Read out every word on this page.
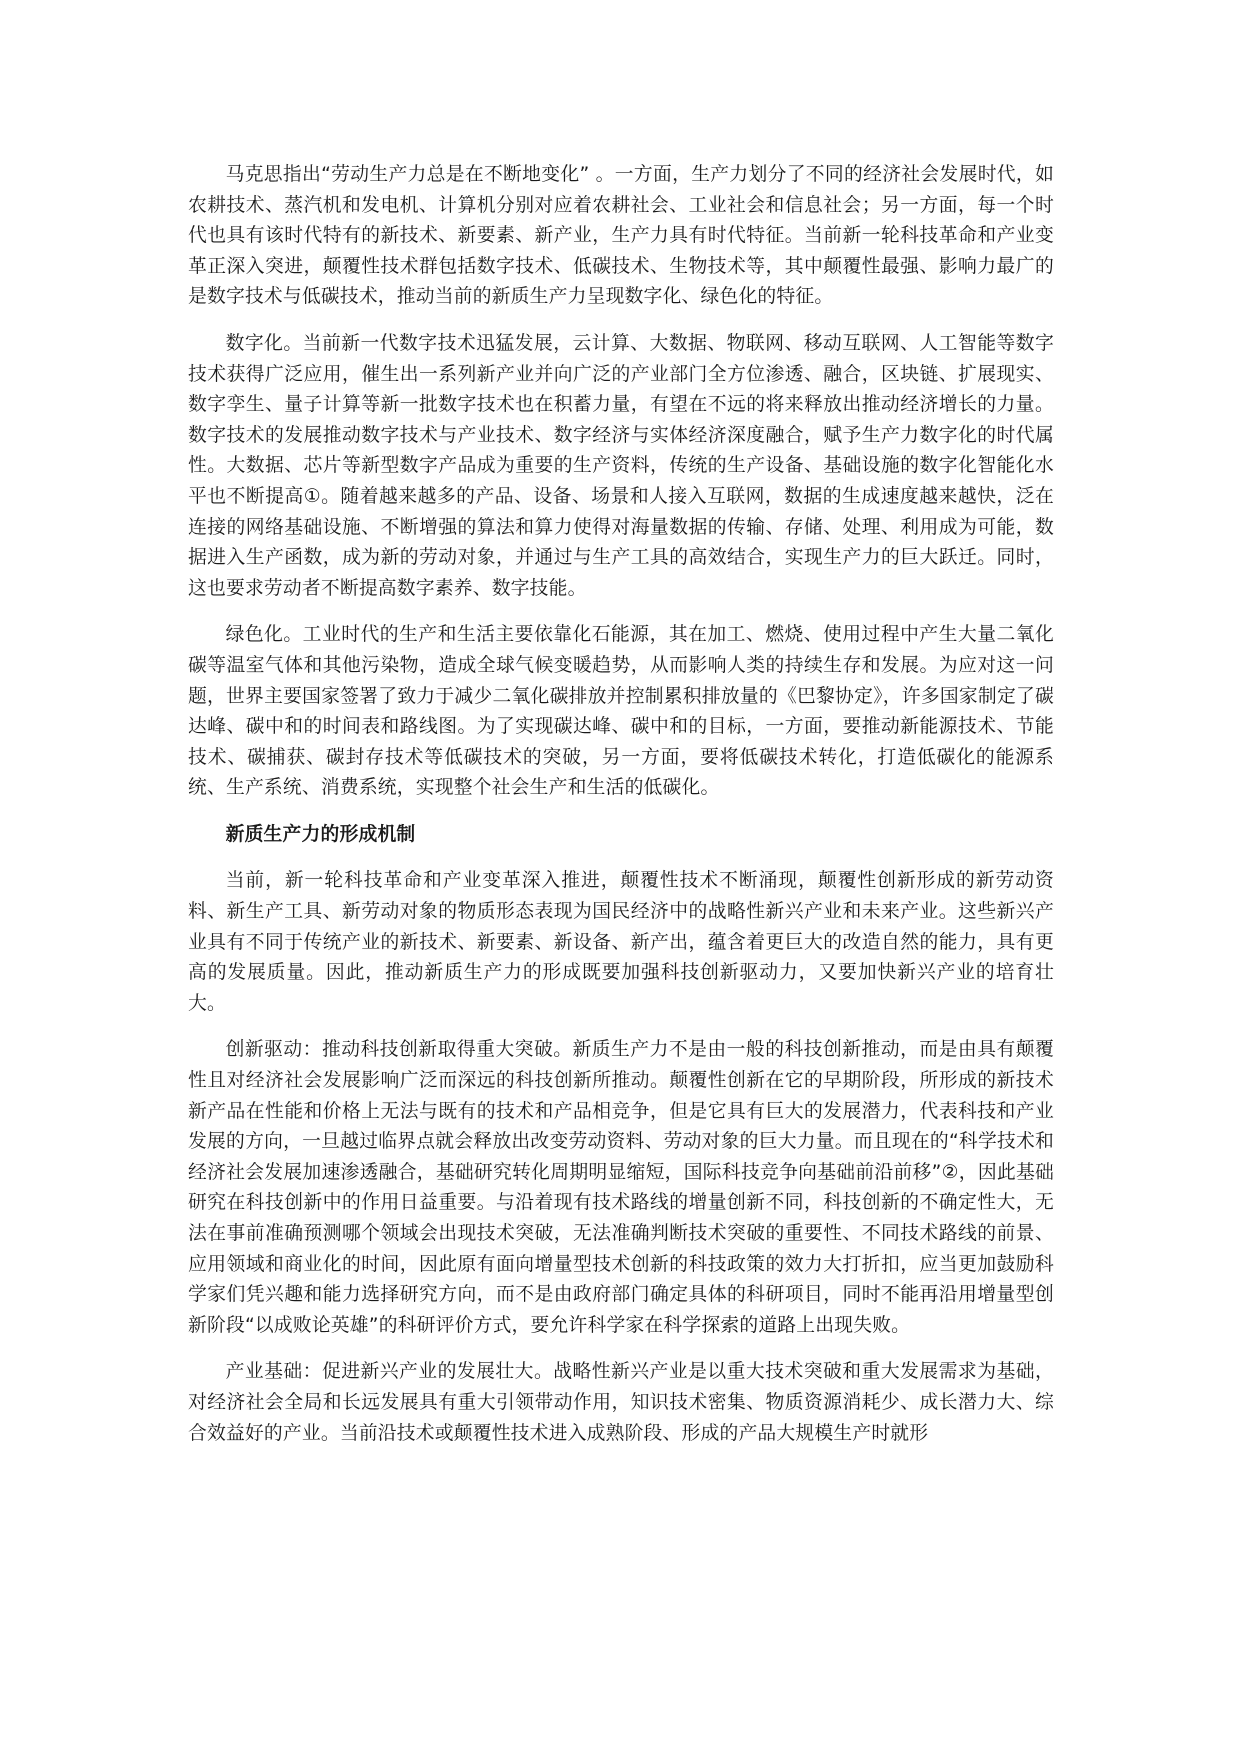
马克思指出“劳动生产力总是在不断地变化” 。一方面，生产力划分了不同的经济社会发展时代，如农耕技术、蒸汽机和发电机、计算机分别对应着农耕社会、工业社会和信息社会；另一方面，每一个时代也具有该时代特有的新技术、新要素、新产业，生产力具有时代特征。当前新一轮科技革命和产业变革正深入突进，颠覆性技术群包括数字技术、低碳技术、生物技术等，其中颠覆性最强、影响力最广的是数字技术与低碳技术，推动当前的新质生产力呈现数字化、绿色化的特征。

数字化。当前新一代数字技术迅猛发展，云计算、大数据、物联网、移动互联网、人工智能等数字技术获得广泛应用，催生出一系列新产业并向广泛的产业部门全方位渗透、融合，区块链、扩展现实、数字孪生、量子计算等新一批数字技术也在积蓄力量，有望在不远的将来释放出推动经济增长的力量。数字技术的发展推动数字技术与产业技术、数字经济与实体经济深度融合，赋予生产力数字化的时代属性。大数据、芯片等新型数字产品成为重要的生产资料，传统的生产设备、基础设施的数字化智能化水平也不断提高①。随着越来越多的产品、设备、场景和人接入互联网，数据的生成速度越来越快，泛在连接的网络基础设施、不断增强的算法和算力使得对海量数据的传输、存储、处理、利用成为可能，数据进入生产函数，成为新的劳动对象，并通过与生产工具的高效结合，实现生产力的巨大跃迁。同时，这也要求劳动者不断提高数字素养、数字技能。

绿色化。工业时代的生产和生活主要依靠化石能源，其在加工、燃烧、使用过程中产生大量二氧化碳等温室气体和其他污染物，造成全球气候变暖趋势，从而影响人类的持续生存和发展。为应对这一问题，世界主要国家签署了致力于减少二氧化碳排放并控制累积排放量的《巴黎协定》，许多国家制定了碳达峰、碳中和的时间表和路线图。为了实现碳达峰、碳中和的目标，一方面，要推动新能源技术、节能技术、碳捕获、碳封存技术等低碳技术的突破，另一方面，要将低碳技术转化，打造低碳化的能源系统、生产系统、消费系统，实现整个社会生产和生活的低碳化。

新质生产力的形成机制

当前，新一轮科技革命和产业变革深入推进，颠覆性技术不断涌现，颠覆性创新形成的新劳动资料、新生产工具、新劳动对象的物质形态表现为国民经济中的战略性新兴产业和未来产业。这些新兴产业具有不同于传统产业的新技术、新要素、新设备、新产出，蕴含着更巨大的改造自然的能力，具有更高的发展质量。因此，推动新质生产力的形成既要加强科技创新驱动力，又要加快新兴产业的培育壮大。

创新驱动：推动科技创新取得重大突破。新质生产力不是由一般的科技创新推动，而是由具有颠覆性且对经济社会发展影响广泛而深远的科技创新所推动。颠覆性创新在它的早期阶段，所形成的新技术新产品在性能和价格上无法与既有的技术和产品相竞争，但是它具有巨大的发展潜力，代表科技和产业发展的方向，一旦越过临界点就会释放出改变劳动资料、劳动对象的巨大力量。而且现在的“科学技术和经济社会发展加速渗透融合，基础研究转化周期明显缩短，国际科技竞争向基础前沿前移”②，因此基础研究在科技创新中的作用日益重要。与沿着现有技术路线的增量创新不同，科技创新的不确定性大，无法在事前准确预测哪个领域会出现技术突破，无法准确判断技术突破的重要性、不同技术路线的前景、应用领域和商业化的时间，因此原有面向增量型技术创新的科技政策的效力大打折扣，应当更加鼓励科学家们凭兴趣和能力选择研究方向，而不是由政府部门确定具体的科研项目，同时不能再沿用增量型创新阶段“以成败论英雄”的科研评价方式，要允许科学家在科学探索的道路上出现失败。

产业基础：促进新兴产业的发展壮大。战略性新兴产业是以重大技术突破和重大发展需求为基础，对经济社会全局和长远发展具有重大引领带动作用，知识技术密集、物质资源消耗少、成长潜力大、综合效益好的产业。当前沿技术或颠覆性技术进入成熟阶段、形成的产品大规模生产时就形
